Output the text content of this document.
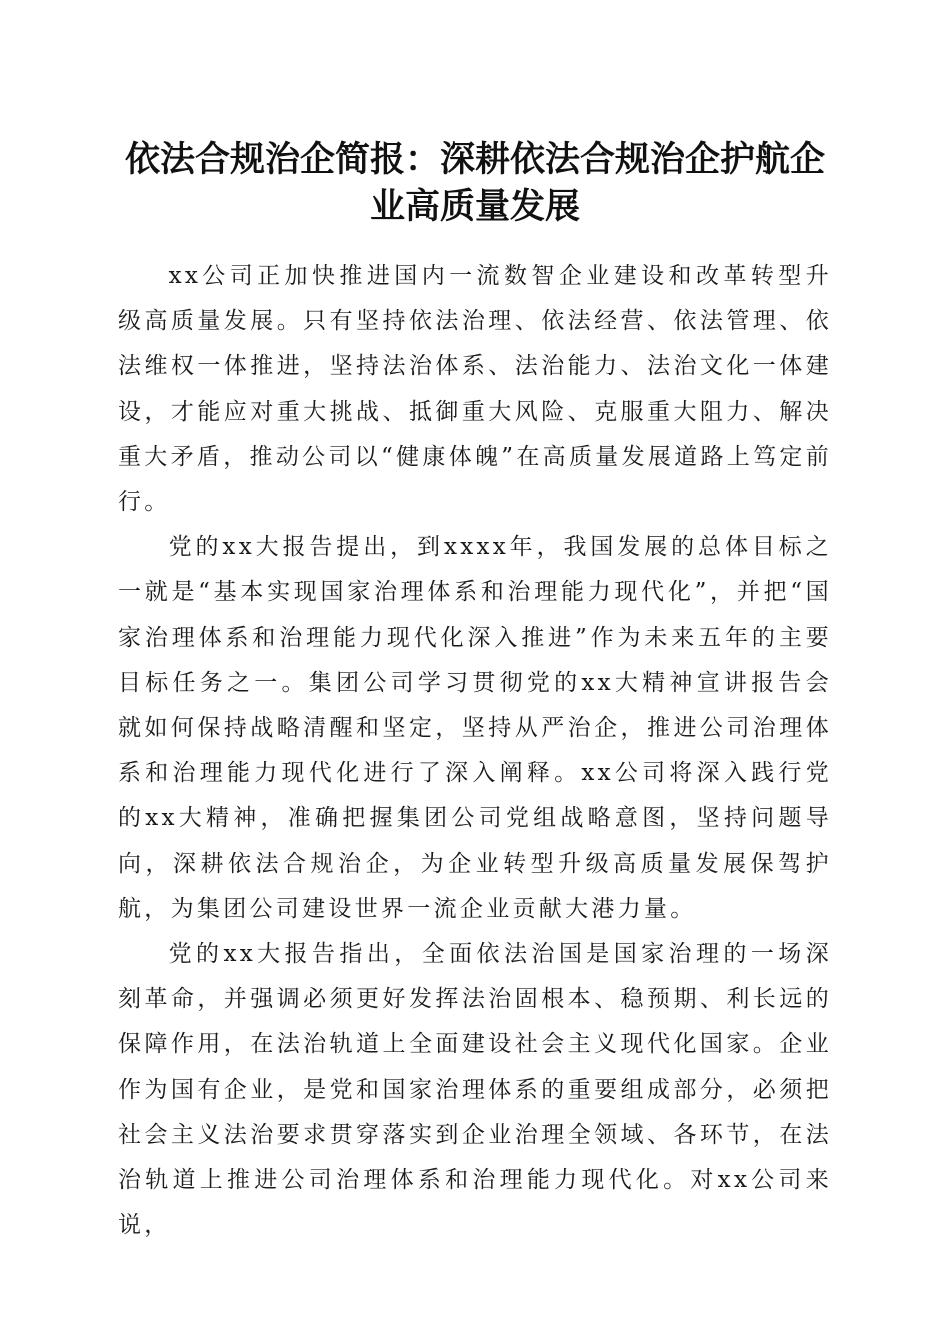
依法合规治企简报：深耕依法合规治企护航企业高质量发展

xx公司正加快推进国内一流数智企业建设和改革转型升级高质量发展。只有坚持依法治理、依法经营、依法管理、依法维权一体推进，坚持法治体系、法治能力、法治文化一体建设，才能应对重大挑战、抵御重大风险、克服重大阻力、解决重大矛盾，推动公司以“健康体魄”在高质量发展道路上笃定前行。

党的xx大报告提出，到xxxx年，我国发展的总体目标之一就是“基本实现国家治理体系和治理能力现代化”，并把“国家治理体系和治理能力现代化深入推进”作为未来五年的主要目标任务之一。集团公司学习贯彻党的xx大精神宣讲报告会就如何保持战略清醒和坚定，坚持从严治企，推进公司治理体系和治理能力现代化进行了深入阐释。xx公司将深入践行党的xx大精神，准确把握集团公司党组战略意图，坚持问题导向，深耕依法合规治企，为企业转型升级高质量发展保驾护航，为集团公司建设世界一流企业贡献大港力量。

党的xx大报告指出，全面依法治国是国家治理的一场深刻革命，并强调必须更好发挥法治固根本、稳预期、利长远的保障作用，在法治轨道上全面建设社会主义现代化国家。企业作为国有企业，是党和国家治理体系的重要组成部分，必须把社会主义法治要求贯穿落实到企业治理全领域、各环节，在法治轨道上推进公司治理体系和治理能力现代化。对xx公司来说，
